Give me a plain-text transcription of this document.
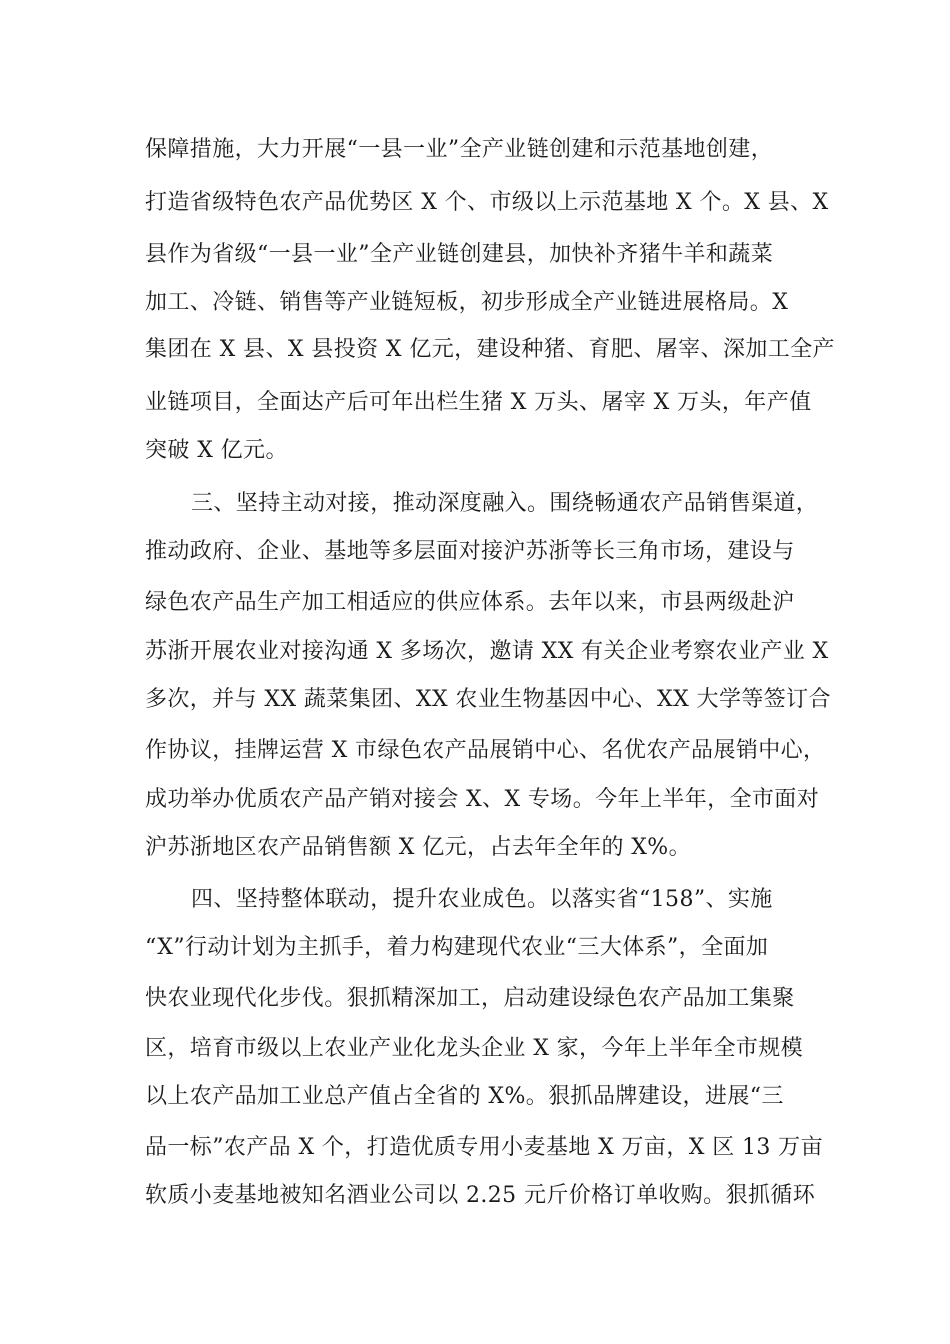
保障措施，大力开展“一县一业”全产业链创建和示范基地创建，

打造省级特色农产品优势区 X 个、市级以上示范基地 X 个。X 县、X

县作为省级“一县一业”全产业链创建县，加快补齐猪牛羊和蔬菜

加工、冷链、销售等产业链短板，初步形成全产业链进展格局。X

集团在 X 县、X 县投资 X 亿元，建设种猪、育肥、屠宰、深加工全产

业链项目，全面达产后可年出栏生猪 X 万头、屠宰 X 万头，年产值

突破 X 亿元。

三、坚持主动对接，推动深度融入。围绕畅通农产品销售渠道，

推动政府、企业、基地等多层面对接沪苏浙等长三角市场，建设与

绿色农产品生产加工相适应的供应体系。去年以来，市县两级赴沪

苏浙开展农业对接沟通 X 多场次，邀请 XX 有关企业考察农业产业 X

多次，并与 XX 蔬菜集团、XX 农业生物基因中心、XX 大学等签订合

作协议，挂牌运营 X 市绿色农产品展销中心、名优农产品展销中心，

成功举办优质农产品产销对接会 X、X 专场。今年上半年，全市面对

沪苏浙地区农产品销售额 X 亿元，占去年全年的 X%。

四、坚持整体联动，提升农业成色。以落实省“158”、实施

“X”行动计划为主抓手，着力构建现代农业“三大体系”，全面加

快农业现代化步伐。狠抓精深加工，启动建设绿色农产品加工集聚

区，培育市级以上农业产业化龙头企业 X 家，今年上半年全市规模

以上农产品加工业总产值占全省的 X%。狠抓品牌建设，进展“三

品一标”农产品 X 个，打造优质专用小麦基地 X 万亩，X 区 13 万亩

软质小麦基地被知名酒业公司以 2.25 元斤价格订单收购。狠抓循环
